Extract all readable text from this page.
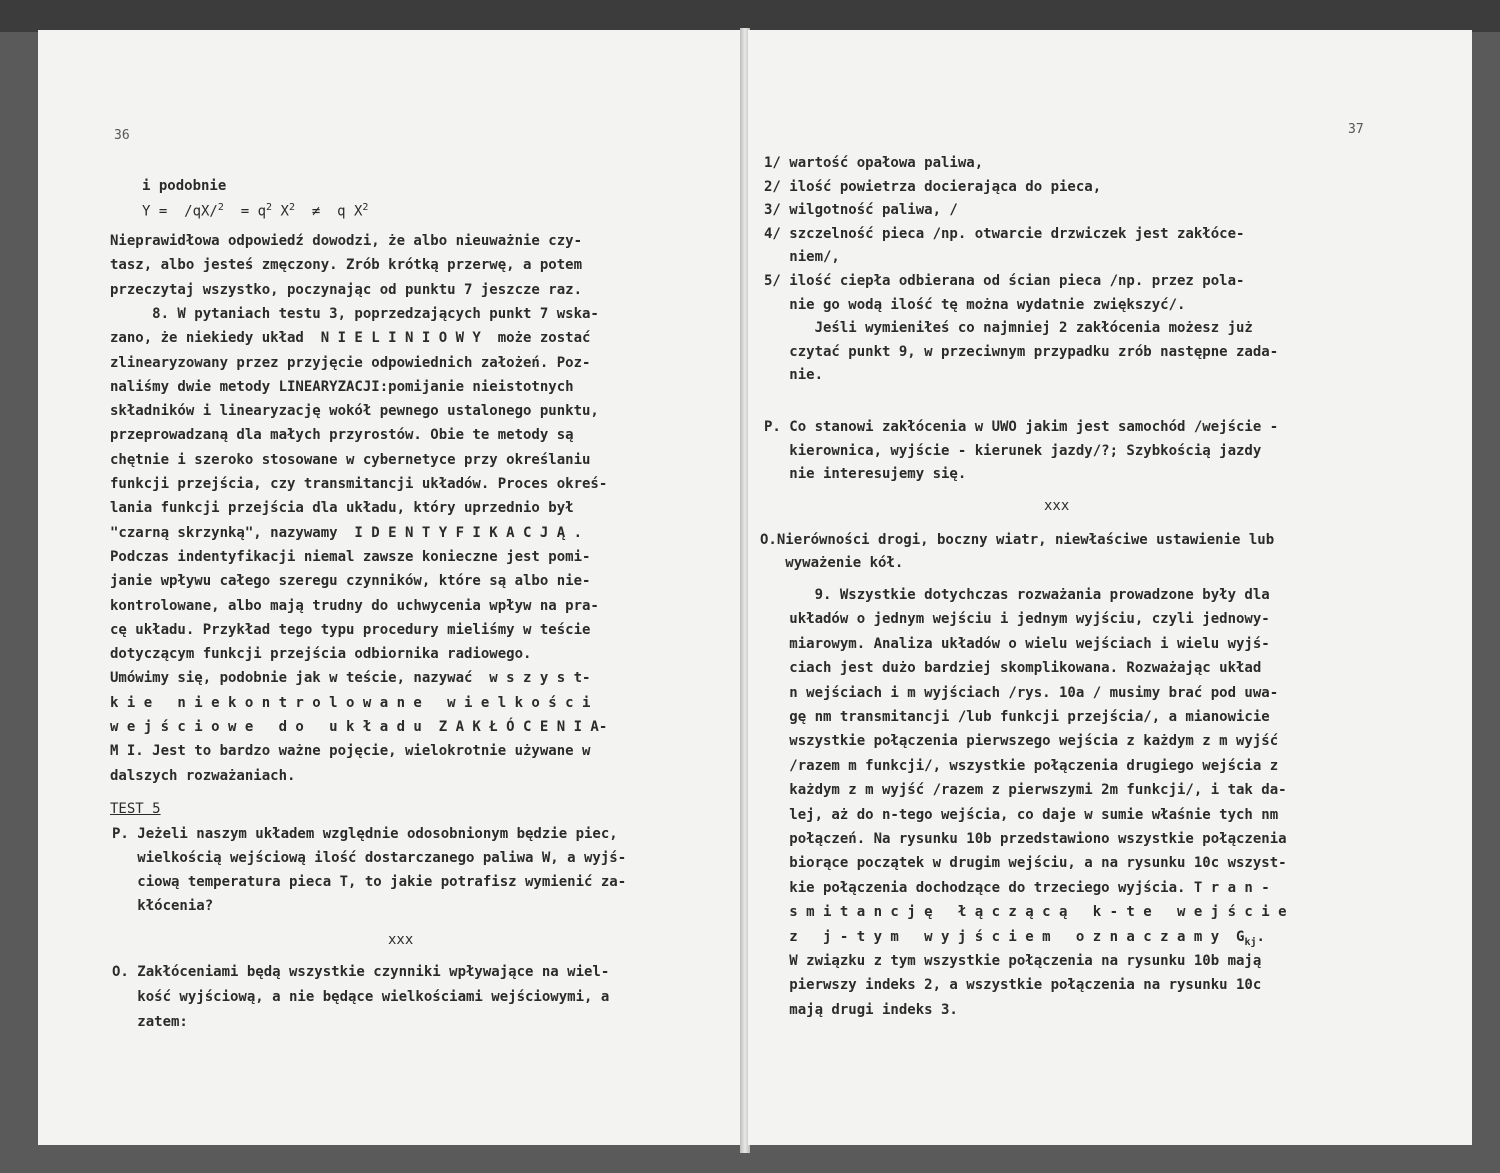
36
i podobnie
$Y = /qX/^2 = q^2$ $X^2 \ne q$ $X^2$
Nieprawidłowa odpowiedź dowodzi, że albo nieuważnie czy-
tasz, albo jesteś zmęczony. Zrób krótką przerwę, a potem
przeczytaj wszystko, poczynając od punktu 7 jeszcze raz.
8. W pytaniach testu 3, poprzedzających punkt 7 wska-
zano, że niekiedy układ  N I E L I N I O W Y  może zostać
zlinearyzowany przez przyjęcie odpowiednich założeń. Poz-
naliśmy dwie metody LINEARYZACJI:pomijanie nieistotnych
składników i linearyzację wokół pewnego ustalonego punktu,
przeprowadzaną dla małych przyrostów. Obie te metody są
chętnie i szeroko stosowane w cybernetyce przy określaniu
funkcji przejścia, czy transmitancji układów. Proces okreś-
lania funkcji przejścia dla układu, który uprzednio był
"czarną skrzynką", nazywamy  I D E N T Y F I K A C J Ą .
Podczas indentyfikacji niemal zawsze konieczne jest pomi-
janie wpływu całego szeregu czynników, które są albo nie-
kontrolowane, albo mają trudny do uchwycenia wpływ na pra-
cę układu. Przykład tego typu procedury mieliśmy w teście
dotyczącym funkcji przejścia odbiornika radiowego.
Umówimy się, podobnie jak w teście, nazywać  w s z y s t-
k i e   n i e k o n t r o l o w a n e   w i e l k o ś c i
w e j ś c i o w e   d o   u k ł a d u  Z A K Ł Ó C E N I A-
M I. Jest to bardzo ważne pojęcie, wielokrotnie używane w
dalszych rozważaniach.
TEST 5
P. Jeżeli naszym układem względnie odosobnionym będzie piec,
wielkością wejściową ilość dostarczanego paliwa W, a wyjś-
ciową temperatura pieca T, to jakie potrafisz wymienić za-
kłócenia?
xxx
O. Zakłóceniami będą wszystkie czynniki wpływające na wiel-
kość wyjściową, a nie będące wielkościami wejściowymi, a
zatem:
37
1/ wartość opałowa paliwa,
2/ ilość powietrza docierająca do pieca,
3/ wilgotność paliwa, /
4/ szczelność pieca /np. otwarcie drzwiczek jest zakłóce-
niem/,
5/ ilość ciepła odbierana od ścian pieca /np. przez pola-
nie go wodą ilość tę można wydatnie zwiększyć/.
Jeśli wymieniłeś co najmniej 2 zakłócenia możesz już
czytać punkt 9, w przeciwnym przypadku zrób następne zada-
nie.
P. Co stanowi zakłócenia w UWO jakim jest samochód /wejście -
kierownica, wyjście - kierunek jazdy/?; Szybkością jazdy
nie interesujemy się.
xxx
O.Nierówności drogi, boczny wiatr, niewłaściwe ustawienie lub
wyważenie kół.
9. Wszystkie dotychczas rozważania prowadzone były dla
układów o jednym wejściu i jednym wyjściu, czyli jednowy-
miarowym. Analiza układów o wielu wejściach i wielu wyjś-
ciach jest dużo bardziej skomplikowana. Rozważając układ
n wejściach i m wyjściach /rys. 10a / musimy brać pod uwa-
gę nm transmitancji /lub funkcji przejścia/, a mianowicie
wszystkie połączenia pierwszego wejścia z każdym z m wyjść
/razem m funkcji/, wszystkie połączenia drugiego wejścia z
każdym z m wyjść /razem z pierwszymi 2m funkcji/, i tak da-
lej, aż do n-tego wejścia, co daje w sumie właśnie tych nm
połączeń. Na rysunku 10b przedstawiono wszystkie połączenia
biorące początek w drugim wejściu, a na rysunku 10c wszyst-
kie połączenia dochodzące do trzeciego wyjścia. T r a n -
s m i t a n c j ę   ł ą c z ą c ą   k - t e   w e j ś c i e
z   j - t y m   w y j ś c i e m   o z n a c z a m y  $G_{kj}$.
W związku z tym wszystkie połączenia na rysunku 10b mają
pierwszy indeks 2, a wszystkie połączenia na rysunku 10c
mają drugi indeks 3.
